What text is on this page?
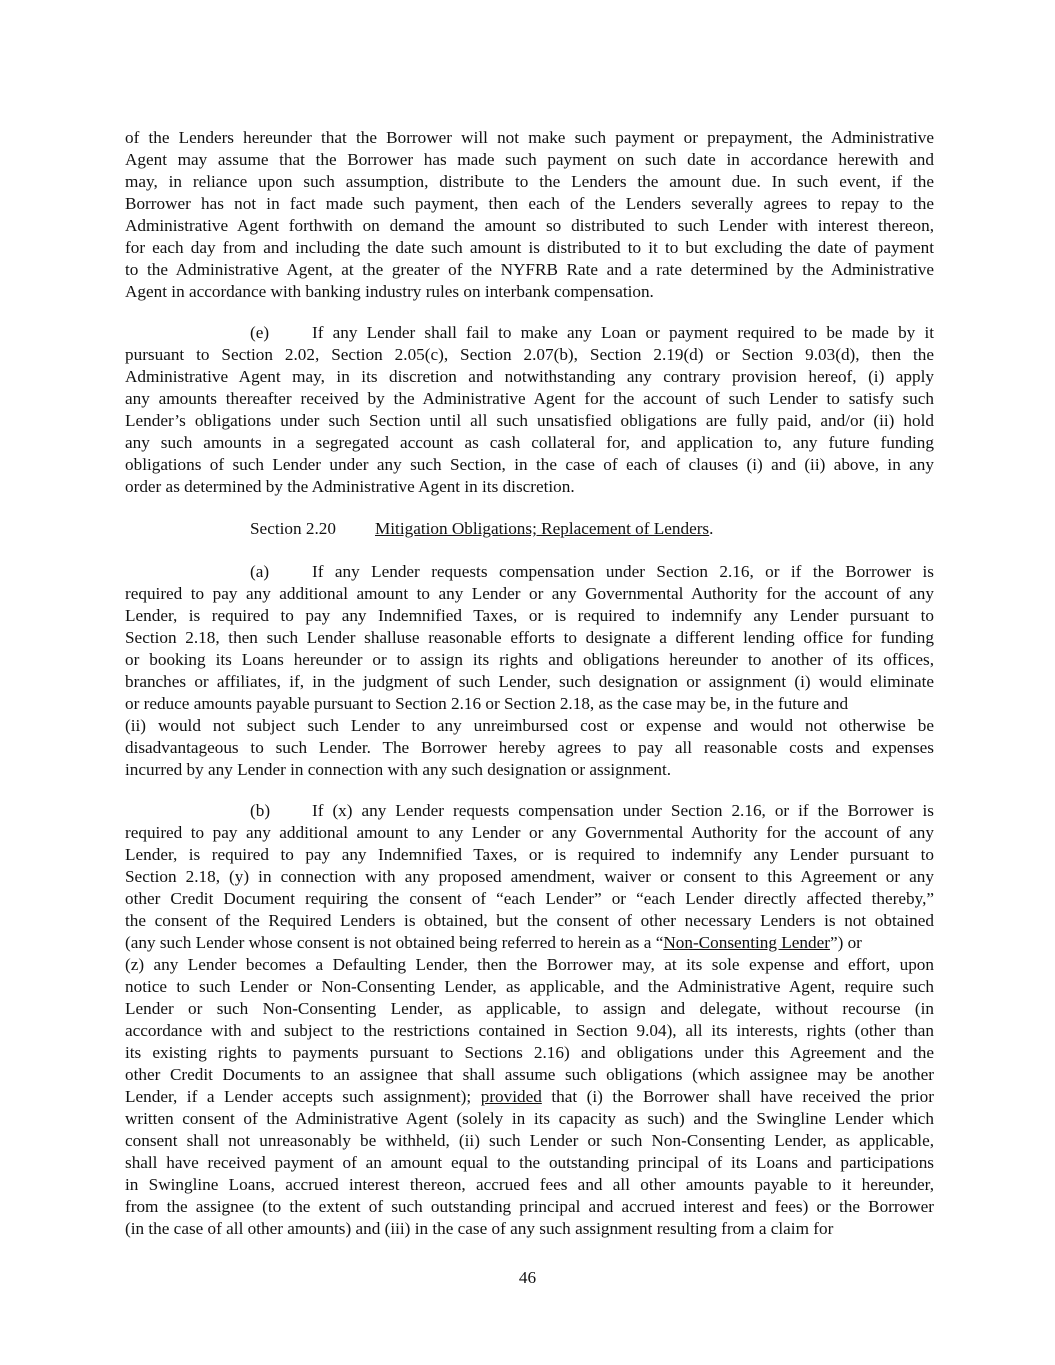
of the Lenders hereunder that the Borrower will not make such payment or prepayment, the Administrative
Agent may assume that the Borrower has made such payment on such date in accordance herewith and
may, in reliance upon such assumption, distribute to the Lenders the amount due. In such event, if the
Borrower has not in fact made such payment, then each of the Lenders severally agrees to repay to the
Administrative Agent forthwith on demand the amount so distributed to such Lender with interest thereon,
for each day from and including the date such amount is distributed to it to but excluding the date of payment
to the Administrative Agent, at the greater of the NYFRB Rate and a rate determined by the Administrative
Agent in accordance with banking industry rules on interbank compensation.
(e) If any Lender shall fail to make any Loan or payment required to be made by it
pursuant to Section 2.02, Section 2.05(c), Section 2.07(b), Section 2.19(d) or Section 9.03(d), then the
Administrative Agent may, in its discretion and notwithstanding any contrary provision hereof, (i) apply
any amounts thereafter received by the Administrative Agent for the account of such Lender to satisfy such
Lender’s obligations under such Section until all such unsatisfied obligations are fully paid, and/or (ii) hold
any such amounts in a segregated account as cash collateral for, and application to, any future funding
obligations of such Lender under any such Section, in the case of each of clauses (i) and (ii) above, in any
order as determined by the Administrative Agent in its discretion.
Section 2.20 Mitigation Obligations; Replacement of Lenders.
(a) If any Lender requests compensation under Section 2.16, or if the Borrower is
required to pay any additional amount to any Lender or any Governmental Authority for the account of any
Lender, is required to pay any Indemnified Taxes, or is required to indemnify any Lender pursuant to
Section 2.18, then such Lender shalluse reasonable efforts to designate a different lending office for funding
or booking its Loans hereunder or to assign its rights and obligations hereunder to another of its offices,
branches or affiliates, if, in the judgment of such Lender, such designation or assignment (i) would eliminate
or reduce amounts payable pursuant to Section 2.16 or Section 2.18, as the case may be, in the future and
(ii) would not subject such Lender to any unreimbursed cost or expense and would not otherwise be
disadvantageous to such Lender. The Borrower hereby agrees to pay all reasonable costs and expenses
incurred by any Lender in connection with any such designation or assignment.
(b) If (x) any Lender requests compensation under Section 2.16, or if the Borrower is
required to pay any additional amount to any Lender or any Governmental Authority for the account of any
Lender, is required to pay any Indemnified Taxes, or is required to indemnify any Lender pursuant to
Section 2.18, (y) in connection with any proposed amendment, waiver or consent to this Agreement or any
other Credit Document requiring the consent of “each Lender” or “each Lender directly affected thereby,”
the consent of the Required Lenders is obtained, but the consent of other necessary Lenders is not obtained
(any such Lender whose consent is not obtained being referred to herein as a “Non-Consenting Lender”) or
(z) any Lender becomes a Defaulting Lender, then the Borrower may, at its sole expense and effort, upon
notice to such Lender or Non-Consenting Lender, as applicable, and the Administrative Agent, require such
Lender or such Non-Consenting Lender, as applicable, to assign and delegate, without recourse (in
accordance with and subject to the restrictions contained in Section 9.04), all its interests, rights (other than
its existing rights to payments pursuant to Sections 2.16) and obligations under this Agreement and the
other Credit Documents to an assignee that shall assume such obligations (which assignee may be another
Lender, if a Lender accepts such assignment); provided that (i) the Borrower shall have received the prior
written consent of the Administrative Agent (solely in its capacity as such) and the Swingline Lender which
consent shall not unreasonably be withheld, (ii) such Lender or such Non-Consenting Lender, as applicable,
shall have received payment of an amount equal to the outstanding principal of its Loans and participations
in Swingline Loans, accrued interest thereon, accrued fees and all other amounts payable to it hereunder,
from the assignee (to the extent of such outstanding principal and accrued interest and fees) or the Borrower
(in the case of all other amounts) and (iii) in the case of any such assignment resulting from a claim for
46
